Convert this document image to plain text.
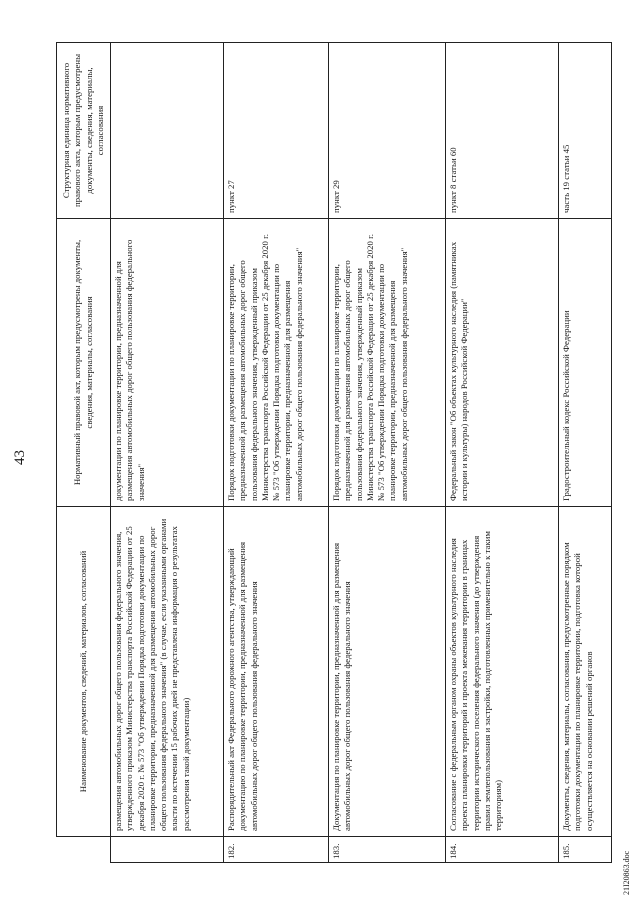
43
	Наименование документов, сведений, материалов, согласований	Нормативный правовой акт, которым предусмотрены документы, сведения, материалы, согласования	Структурная единица нормативного правового акта, которым предусмотрены документы, сведения, материалы, согласования
	размещения автомобильных дорог общего пользования федерального значения, утвержденного приказом Министерства транспорта Российской Федерации от 25 декабря 2020 г. № 573 "Об утверждении Порядка подготовки документации по планировке территории, предназначенной для размещения автомобильных дорог общего пользования федерального значения" (в случае, если указанными органами власти по истечении 15 рабочих дней не представлена информация о результатах рассмотрения такой документации)	документации по планировке территории, предназначенной для размещения автомобильных дорог общего пользования федерального значения"	
182.	Распорядительный акт Федерального дорожного агентства, утверждающий документацию по планировке территории, предназначенной для размещения автомобильных дорог общего пользования федерального значения	Порядок подготовки документации по планировке территории, предназначенной для размещения автомобильных дорог общего пользования федерального значения, утвержденный приказом Министерства транспорта Российской Федерации от 25 декабря 2020 г. № 573 "Об утверждении Порядка подготовки документации по планировке территории, предназначенной для размещения автомобильных дорог общего пользования федерального значения"	пункт 27
183.	Документация по планировке территории, предназначенной для размещения автомобильных дорог общего пользования федерального значения	Порядок подготовки документации по планировке территории, предназначенной для размещения автомобильных дорог общего пользования федерального значения, утвержденный приказом Министерства транспорта Российской Федерации от 25 декабря 2020 г. № 573 "Об утверждении Порядка подготовки документации по планировке территории, предназначенной для размещения автомобильных дорог общего пользования федерального значения"	пункт 29
184.	Согласование с федеральным органом охраны объектов культурного наследия проекта планировки территорий и проекта межевания территории в границах территории исторического поселения федерального значения (до утверждения правил землепользования и застройки, подготовленных применительно к таким территориям)	Федеральный закон "Об объектах культурного наследия (памятниках истории и культуры) народов Российской Федерации"	пункт 8 статьи 60
185.	Документы, сведения, материалы, согласования, предусмотренные порядком подготовки документации по планировке территории, подготовка которой осуществляется на основании решений органов	Градостроительный кодекс Российской Федерации	часть 19 статьи 45
21I20863.doc
